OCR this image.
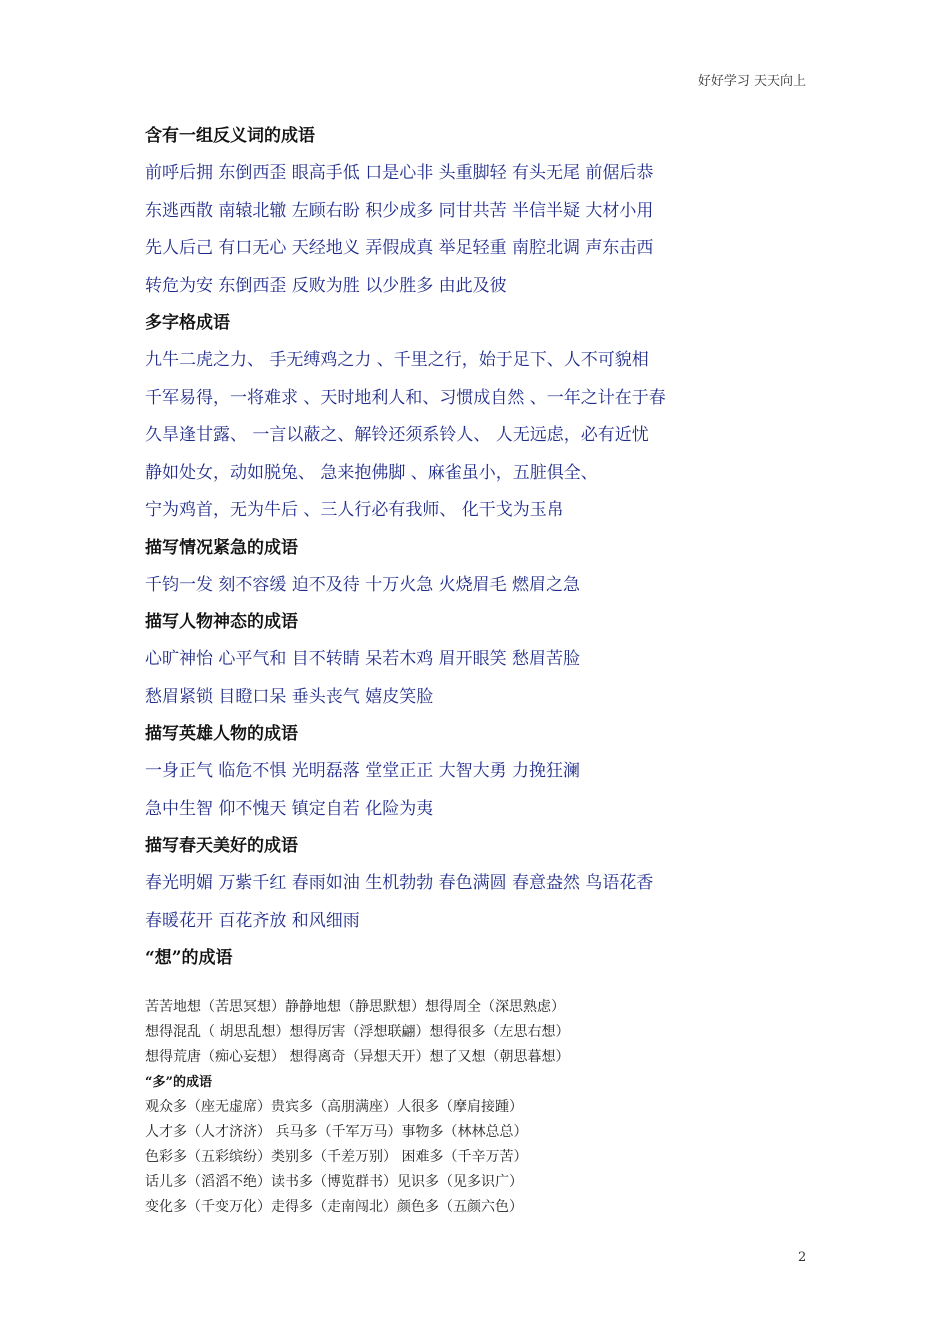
好好学习 天天向上
含有一组反义词的成语
前呼后拥 东倒西歪 眼高手低 口是心非 头重脚轻 有头无尾 前倨后恭
东逃西散 南辕北辙 左顾右盼 积少成多 同甘共苦 半信半疑 大材小用
先人后己 有口无心 天经地义 弄假成真 举足轻重 南腔北调 声东击西
转危为安 东倒西歪 反败为胜 以少胜多 由此及彼
多字格成语
九牛二虎之力、 手无缚鸡之力 、千里之行，始于足下、人不可貌相
千军易得，一将难求 、天时地利人和、习惯成自然 、一年之计在于春
久旱逢甘露、 一言以蔽之、解铃还须系铃人、 人无远虑，必有近忧
静如处女，动如脱兔、 急来抱佛脚 、麻雀虽小，五脏俱全、
宁为鸡首，无为牛后 、三人行必有我师、 化干戈为玉帛
描写情况紧急的成语
千钧一发 刻不容缓 迫不及待 十万火急 火烧眉毛 燃眉之急
描写人物神态的成语
心旷神怡 心平气和 目不转睛 呆若木鸡 眉开眼笑 愁眉苦脸
愁眉紧锁 目瞪口呆 垂头丧气 嬉皮笑脸
描写英雄人物的成语
一身正气 临危不惧 光明磊落 堂堂正正 大智大勇 力挽狂澜
急中生智 仰不愧天 镇定自若 化险为夷
描写春天美好的成语
春光明媚 万紫千红 春雨如油 生机勃勃 春色满圆 春意盎然 鸟语花香
春暖花开 百花齐放 和风细雨
“想”的成语
苦苦地想（苦思冥想）静静地想（静思默想）想得周全（深思熟虑）
想得混乱（ 胡思乱想）想得厉害（浮想联翩）想得很多（左思右想）
想得荒唐（痴心妄想） 想得离奇（异想天开）想了又想（朝思暮想）
“多”的成语
观众多（座无虚席）贵宾多（高朋满座）人很多（摩肩接踵）
人才多（人才济济） 兵马多（千军万马）事物多（林林总总）
色彩多（五彩缤纷）类别多（千差万别） 困难多（千辛万苦）
话儿多（滔滔不绝）读书多（博览群书）见识多（见多识广）
变化多（千变万化）走得多（走南闯北）颜色多（五颜六色）
2
